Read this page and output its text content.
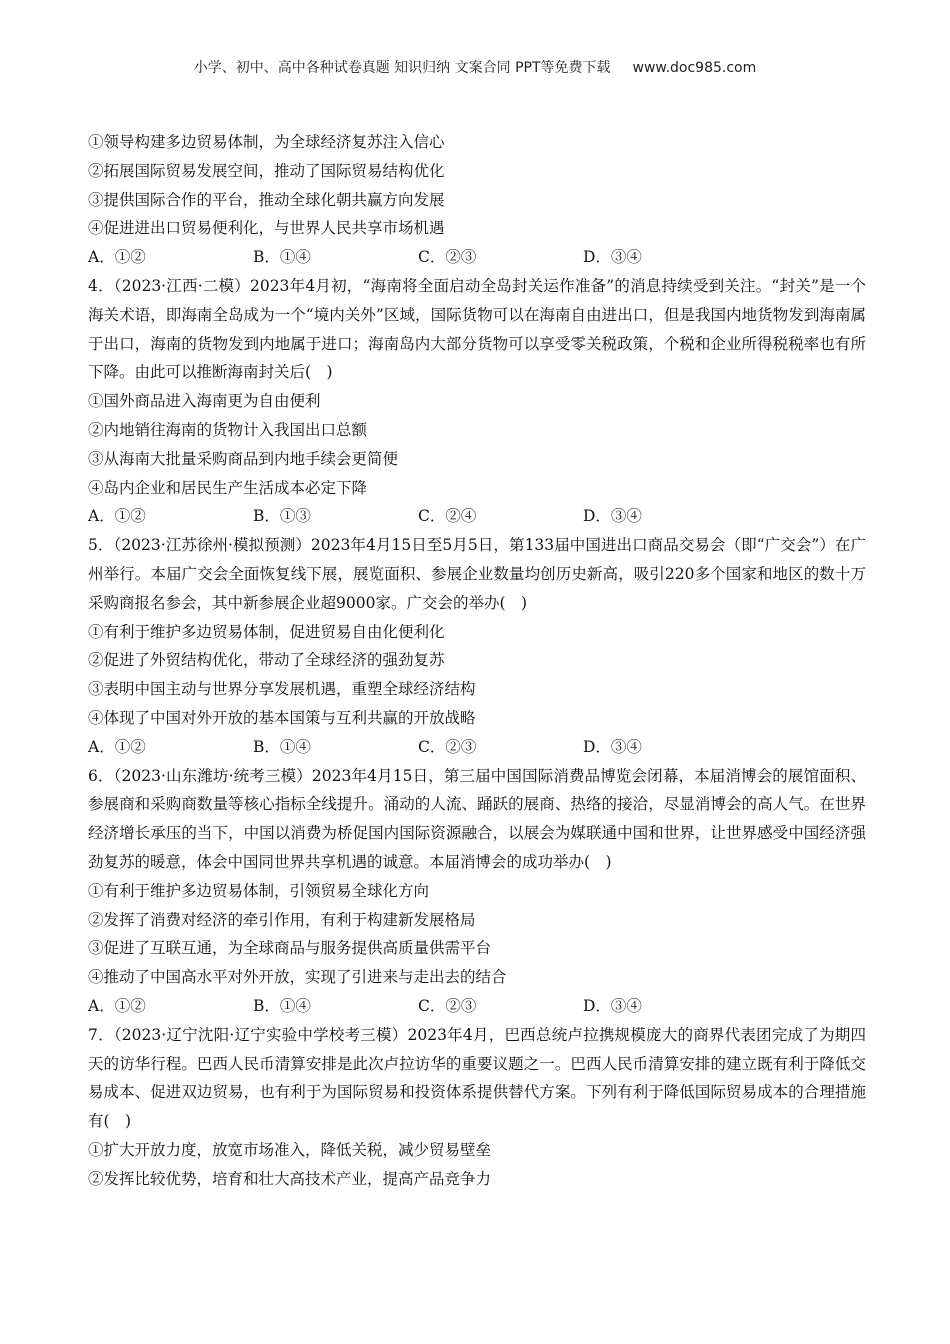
小学、初中、高中各种试卷真题 知识归纳 文案合同 PPT等免费下载 www.doc985.com
①领导构建多边贸易体制，为全球经济复苏注入信心
②拓展国际贸易发展空间，推动了国际贸易结构优化
③提供国际合作的平台，推动全球化朝共赢方向发展
④促进进出口贸易便利化，与世界人民共享市场机遇
A．①②	B．①④	C．②③	D．③④
4．（2023·江西·二模）2023年4月初，“海南将全面启动全岛封关运作准备”的消息持续受到关注。“封关”是一个海关术语，即海南全岛成为一个“境内关外”区域，国际货物可以在海南自由进出口，但是我国内地货物发到海南属于出口，海南的货物发到内地属于进口；海南岛内大部分货物可以享受零关税政策，个税和企业所得税税率也有所下降。由此可以推断海南封关后(　)
①国外商品进入海南更为自由便利
②内地销往海南的货物计入我国出口总额
③从海南大批量采购商品到内地手续会更简便
④岛内企业和居民生产生活成本必定下降
A．①②	B．①③	C．②④	D．③④
5．（2023·江苏徐州·模拟预测）2023年4月15日至5月5日，第133届中国进出口商品交易会（即“广交会”）在广州举行。本届广交会全面恢复线下展，展览面积、参展企业数量均创历史新高，吸引220多个国家和地区的数十万采购商报名参会，其中新参展企业超9000家。广交会的举办(　)
①有利于维护多边贸易体制，促进贸易自由化便利化
②促进了外贸结构优化，带动了全球经济的强劲复苏
③表明中国主动与世界分享发展机遇，重塑全球经济结构
④体现了中国对外开放的基本国策与互利共赢的开放战略
A．①②	B．①④	C．②③	D．③④
6．（2023·山东潍坊·统考三模）2023年4月15日，第三届中国国际消费品博览会闭幕，本届消博会的展馆面积、参展商和采购商数量等核心指标全线提升。涌动的人流、踊跃的展商、热络的接洽，尽显消博会的高人气。在世界经济增长承压的当下，中国以消费为桥促国内国际资源融合，以展会为媒联通中国和世界，让世界感受中国经济强劲复苏的暖意，体会中国同世界共享机遇的诚意。本届消博会的成功举办(　)
①有利于维护多边贸易体制，引领贸易全球化方向
②发挥了消费对经济的牵引作用，有利于构建新发展格局
③促进了互联互通，为全球商品与服务提供高质量供需平台
④推动了中国高水平对外开放，实现了引进来与走出去的结合
A．①②	B．①④	C．②③	D．③④
7．（2023·辽宁沈阳·辽宁实验中学校考三模）2023年4月，巴西总统卢拉携规模庞大的商界代表团完成了为期四天的访华行程。巴西人民币清算安排是此次卢拉访华的重要议题之一。巴西人民币清算安排的建立既有利于降低交易成本、促进双边贸易，也有利于为国际贸易和投资体系提供替代方案。下列有利于降低国际贸易成本的合理措施有(　)
①扩大开放力度，放宽市场准入，降低关税，减少贸易壁垒
②发挥比较优势，培育和壮大高技术产业，提高产品竞争力
